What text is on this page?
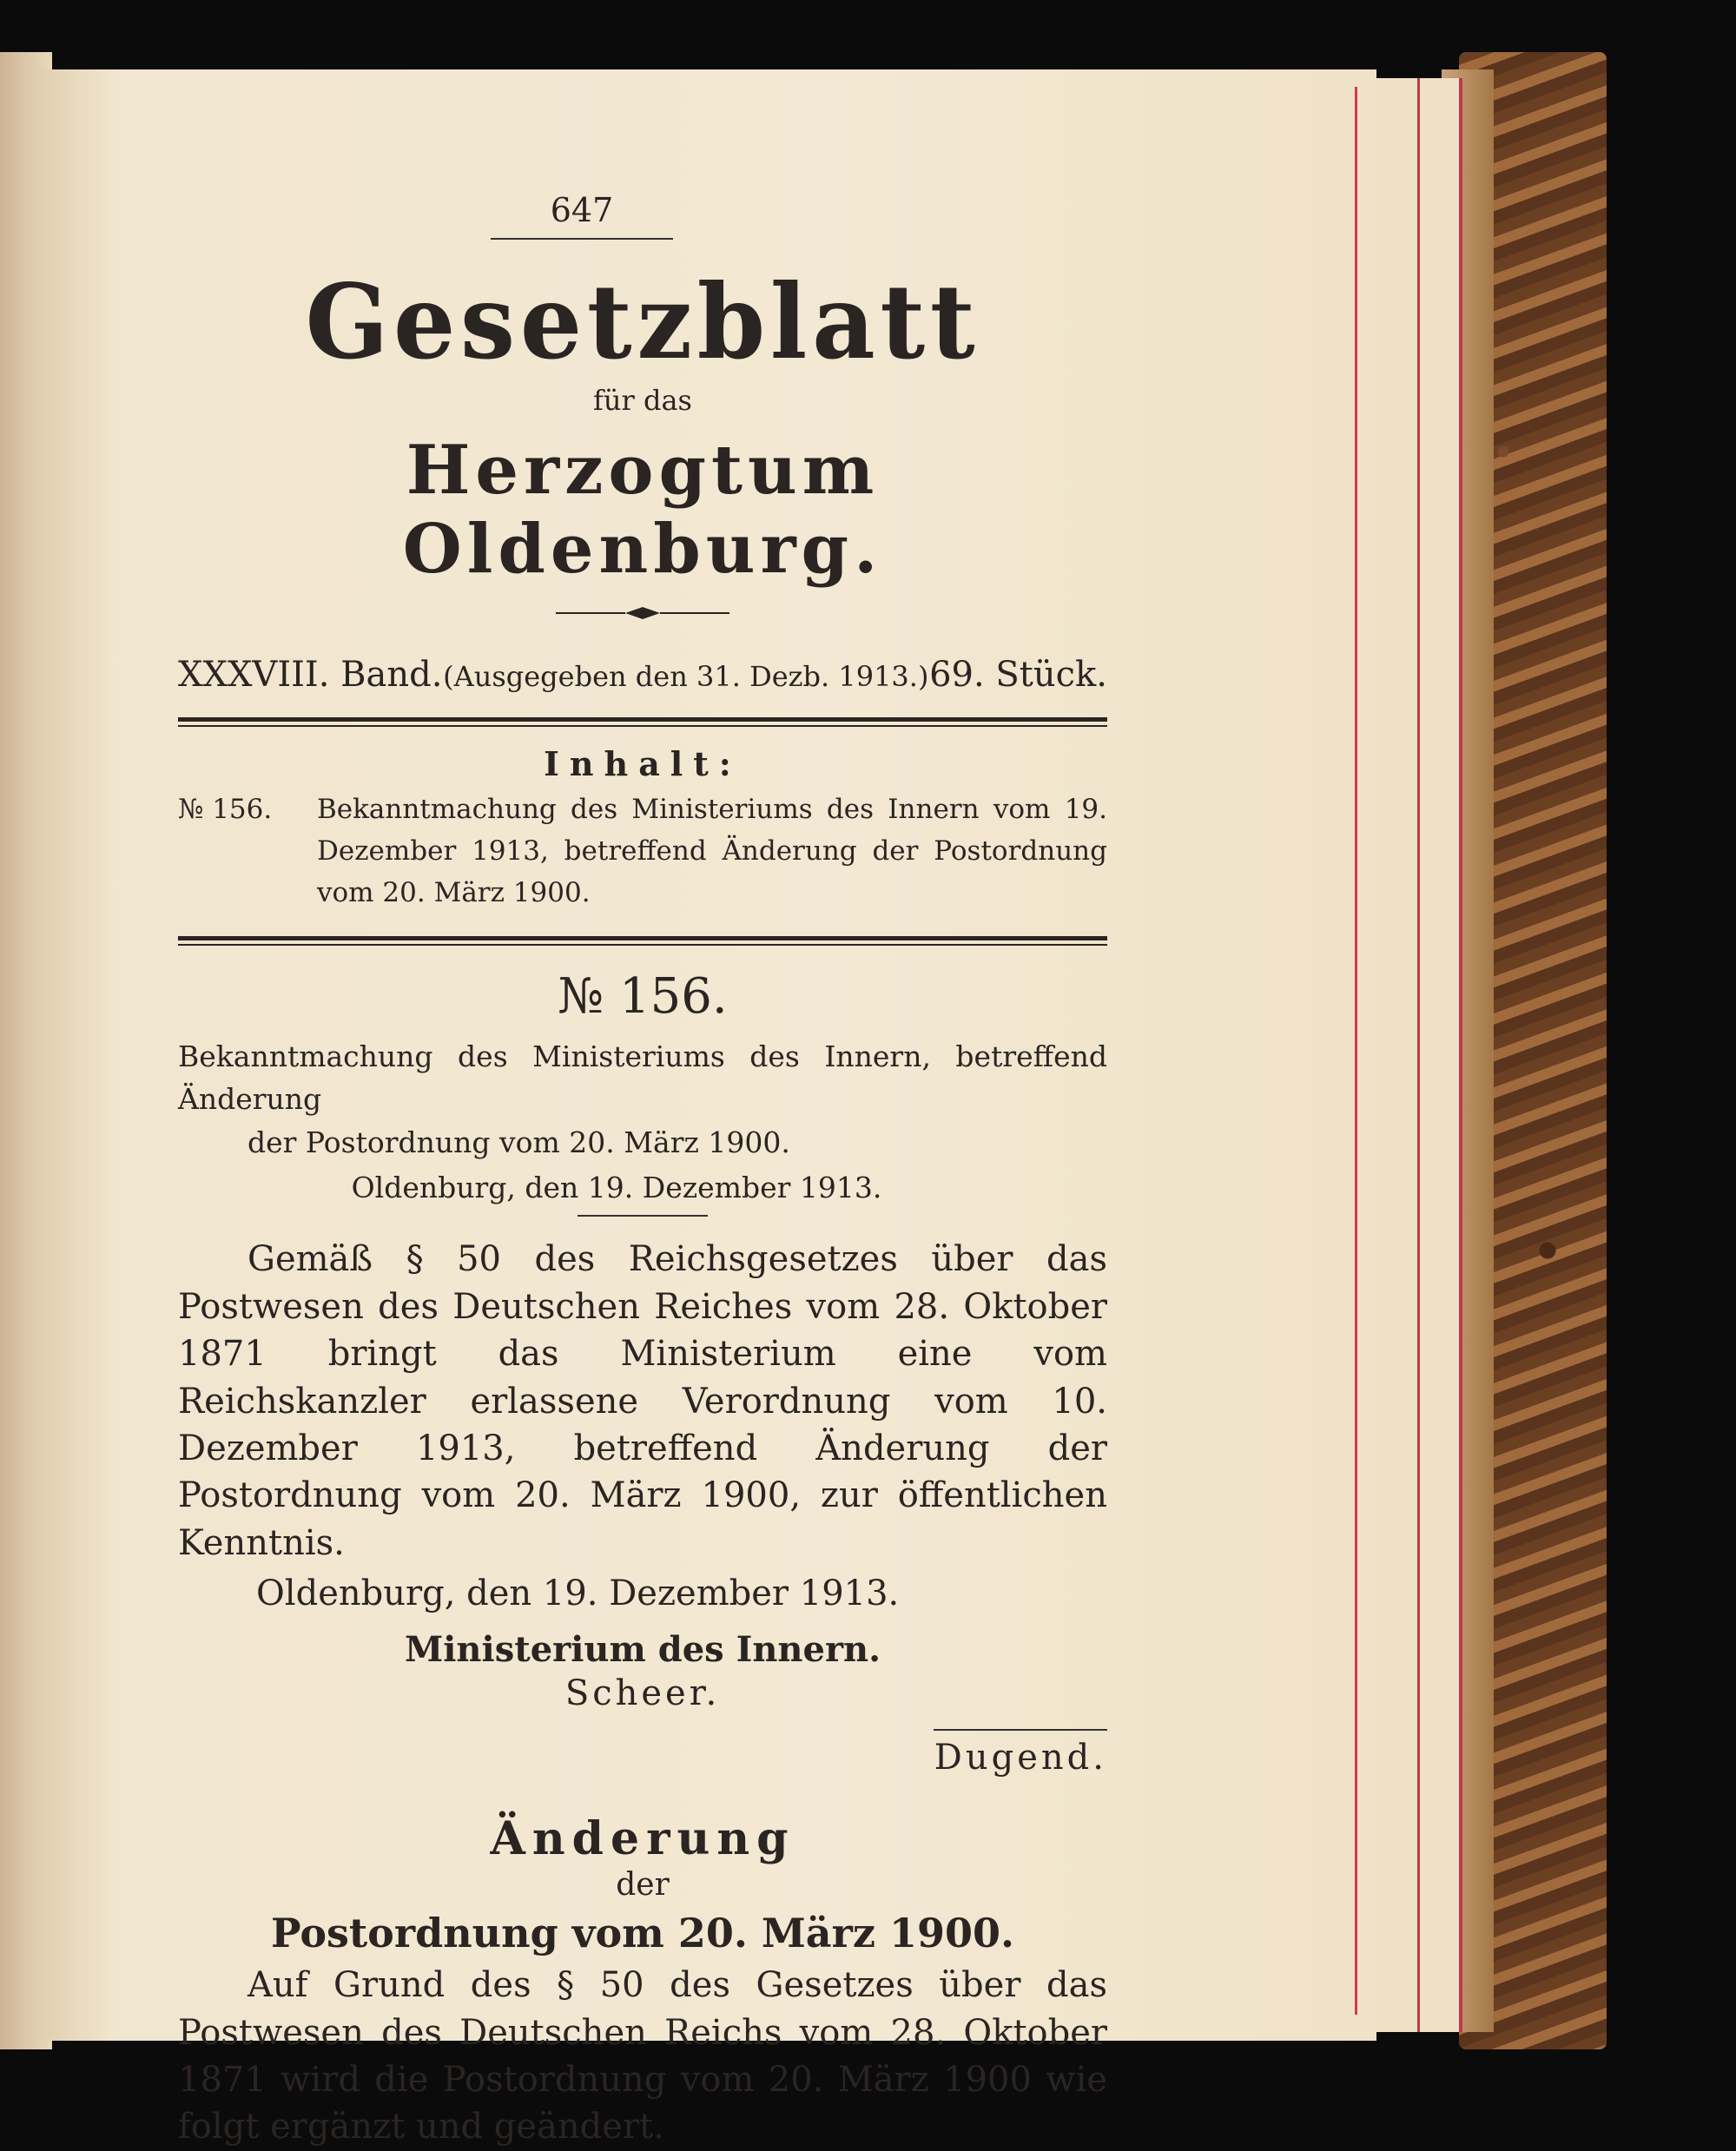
647
Gesetzblatt
für das
Herzogtum Oldenburg.
XXXVIII. Band. (Ausgegeben den 31. Dezb. 1913.) 69. Stück.
Inhalt:
№ 156.	Bekanntmachung des Ministeriums des Innern vom 19. Dezember 1913, betreffend Änderung der Postordnung vom 20. März 1900.
№ 156.
Bekanntmachung des Ministeriums des Innern, betreffend Änderung
der Postordnung vom 20. März 1900.
Oldenburg, den 19. Dezember 1913.

Gemäß § 50 des Reichsgesetzes über das Postwesen des Deutschen Reiches vom 28. Oktober 1871 bringt das Ministerium eine vom Reichskanzler erlassene Verordnung vom 10. Dezember 1913, betreffend Änderung der Postordnung vom 20. März 1900, zur öffentlichen Kenntnis.

Oldenburg, den 19. Dezember 1913.
Ministerium des Innern.
Scheer.
Dugend.
Änderung
der
Postordnung vom 20. März 1900.

Auf Grund des § 50 des Gesetzes über das Postwesen des Deutschen Reichs vom 28. Oktober 1871 wird die Postordnung vom 20. März 1900 wie folgt ergänzt und geändert.
